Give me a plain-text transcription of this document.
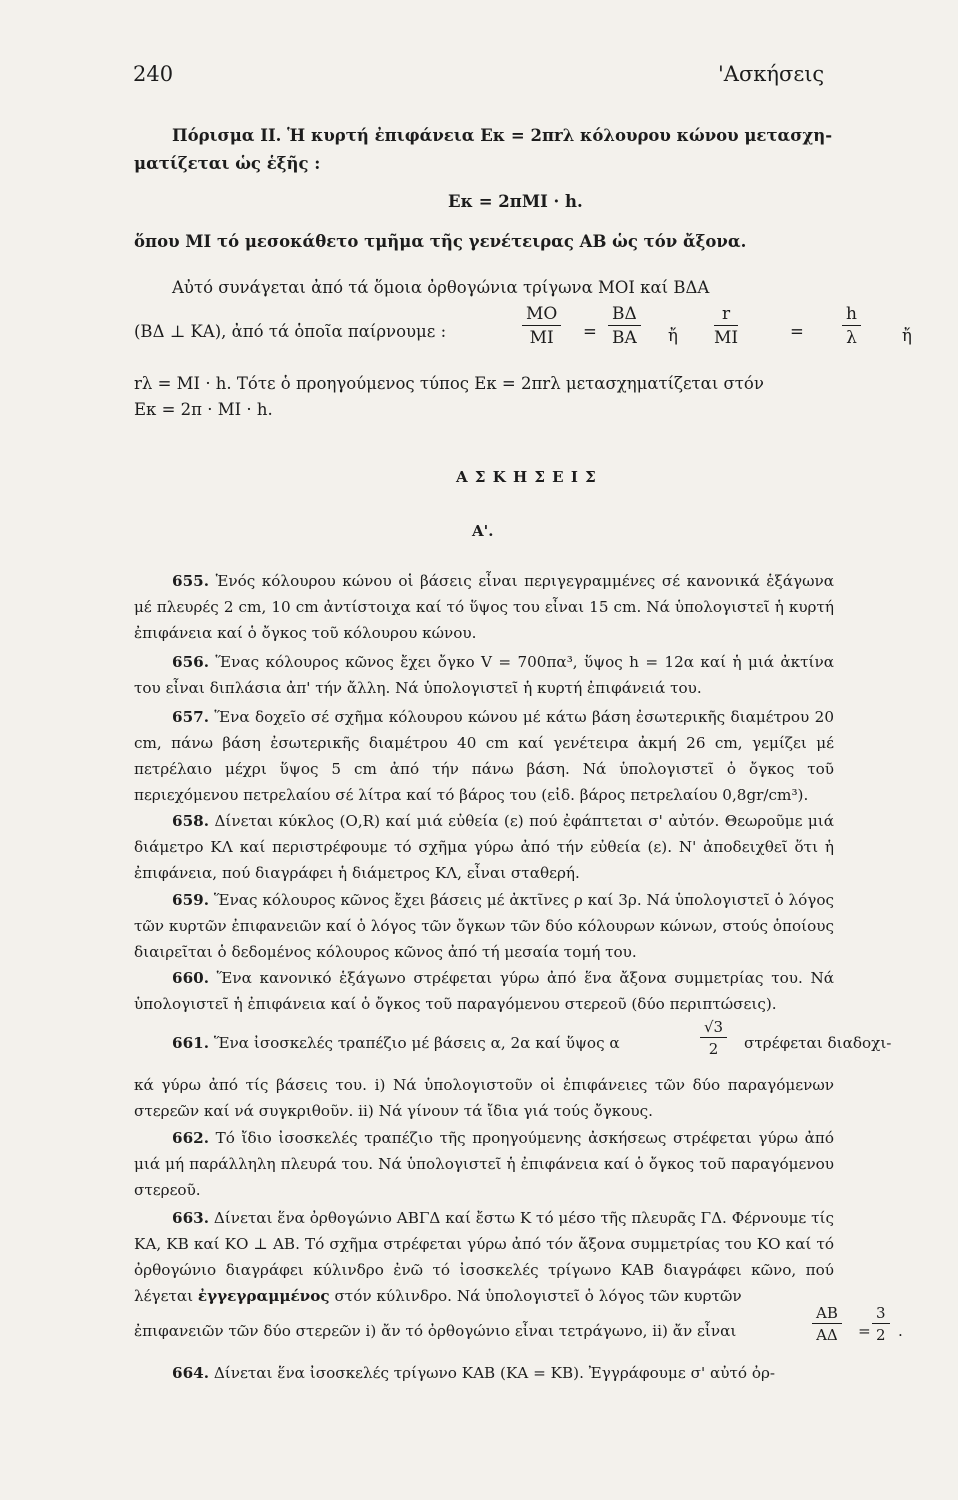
240	'Ασκήσεις
Πόρισμα ΙΙ. Ἡ κυρτή ἐπιφάνεια Eκ = 2πrλ κόλουρου κώνου μετασχη-
ματίζεται ὡς ἑξῆς :
Eκ = 2πΜΙ · h.
ὅπου ΜΙ τό μεσοκάθετο τμῆμα τῆς γενέτειρας ΑΒ ὡς τόν ἄξονα.
Αὐτό συνάγεται ἀπό τά ὅμοια ὀρθογώνια τρίγωνα ΜΟΙ καί ΒΔΑ
(ΒΔ ⊥ ΚΑ), ἀπό τά ὁποῖα παίρνουμε :	$\frac{MO}{MI} = \frac{B\Delta}{BA}$ ἤ $\frac{r}{MI}$	= $\frac{h}{\lambda}$ ἤ
rλ = ΜΙ · h. Τότε ὁ προηγούμενος τύπος Eκ = 2πrλ μετασχηματίζεται στόν
Eκ = 2π · ΜΙ · h.
Α Σ Κ Η Σ Ε Ι Σ
Α'.
655. Ἑνός κόλουρου κώνου οἱ βάσεις εἶναι περιγεγραμμένες σέ κανονικά ἑξάγωνα μέ πλευρές 2 cm, 10 cm ἀντίστοιχα καί τό ὕψος του εἶναι 15 cm. Νά ὑπολογιστεῖ ἡ κυρτή ἐπιφάνεια καί ὁ ὄγκος τοῦ κόλουρου κώνου.
656. Ἕνας κόλουρος κῶνος ἔχει ὄγκο V = 700πα³, ὕψος h = 12α καί ἡ μιά ἀκτίνα του εἶναι διπλάσια ἀπ' τήν ἄλλη. Νά ὑπολογιστεῖ ἡ κυρτή ἐπιφάνειά του.
657. Ἕνα δοχεῖο σέ σχῆμα κόλουρου κώνου μέ κάτω βάση ἐσωτερικῆς διαμέτρου 20 cm, πάνω βάση ἐσωτερικῆς διαμέτρου 40 cm καί γενέτειρα ἀκμή 26 cm, γεμίζει μέ πετρέλαιο μέχρι ὕψος 5 cm ἀπό τήν πάνω βάση. Νά ὑπολογιστεῖ ὁ ὄγκος τοῦ περιεχόμενου πετρελαίου σέ λίτρα καί τό βάρος του (εἰδ. βάρος πετρελαίου 0,8gr/cm³).
658. Δίνεται κύκλος (Ο,R) καί μιά εὐθεία (ε) πού ἐφάπτεται σ' αὐτόν. Θεωροῦμε μιά διάμετρο ΚΛ καί περιστρέφουμε τό σχῆμα γύρω ἀπό τήν εὐθεία (ε). Ν' ἀποδειχθεῖ ὅτι ἡ ἐπιφάνεια, πού διαγράφει ἡ διάμετρος ΚΛ, εἶναι σταθερή.
659. Ἕνας κόλουρος κῶνος ἔχει βάσεις μέ ἀκτῖνες ρ καί 3ρ. Νά ὑπολογιστεῖ ὁ λόγος τῶν κυρτῶν ἐπιφανειῶν καί ὁ λόγος τῶν ὄγκων τῶν δύο κόλουρων κώνων, στούς ὁποίους διαιρεῖται ὁ δεδομένος κόλουρος κῶνος ἀπό τή μεσαία τομή του.
660. Ἕνα κανονικό ἑξάγωνο στρέφεται γύρω ἀπό ἕνα ἄξονα συμμετρίας του. Νά ὑπολογιστεῖ ἡ ἐπιφάνεια καί ὁ ὄγκος τοῦ παραγόμενου στερεοῦ (δύο περιπτώσεις).
661. Ἕνα ἰσοσκελές τραπέζιο μέ βάσεις α, 2α καί ὕψος α	$\frac{√3}{2}$ στρέφεται διαδοχι-
κά γύρω ἀπό τίς βάσεις του. i) Νά ὑπολογιστοῦν οἱ ἐπιφάνειες τῶν δύο παραγόμενων στερεῶν καί νά συγκριθοῦν. ii) Νά γίνουν τά ἴδια γιά τούς ὄγκους.
662. Τό ἴδιο ἰσοσκελές τραπέζιο τῆς προηγούμενης ἀσκήσεως στρέφεται γύρω ἀπό μιά μή παράλληλη πλευρά του. Νά ὑπολογιστεῖ ἡ ἐπιφάνεια καί ὁ ὄγκος τοῦ παραγόμενου στερεοῦ.
663. Δίνεται ἕνα ὀρθογώνιο ΑΒΓΔ καί ἔστω Κ τό μέσο τῆς πλευρᾶς ΓΔ. Φέρνουμε τίς ΚΑ, ΚΒ καί ΚΟ ⊥ ΑΒ. Τό σχῆμα στρέφεται γύρω ἀπό τόν ἄξονα συμμετρίας του ΚΟ καί τό ὀρθογώνιο διαγράφει κύλινδρο ἐνῶ τό ἰσοσκελές τρίγωνο ΚΑΒ διαγράφει κῶνο, πού λέγεται ἐγγεγραμμένος στόν κύλινδρο. Νά ὑπολογιστεῖ ὁ λόγος τῶν κυρτῶν
ἐπιφανειῶν τῶν δύο στερεῶν i) ἄν τό ὀρθογώνιο εἶναι τετράγωνο, ii) ἄν εἶναι	$\frac{AB}{A\Delta} = \frac{3}{2}$ .
664. Δίνεται ἕνα ἰσοσκελές τρίγωνο ΚΑΒ (ΚΑ = ΚΒ). Ἐγγράφουμε σ' αὐτό ὀρ-
